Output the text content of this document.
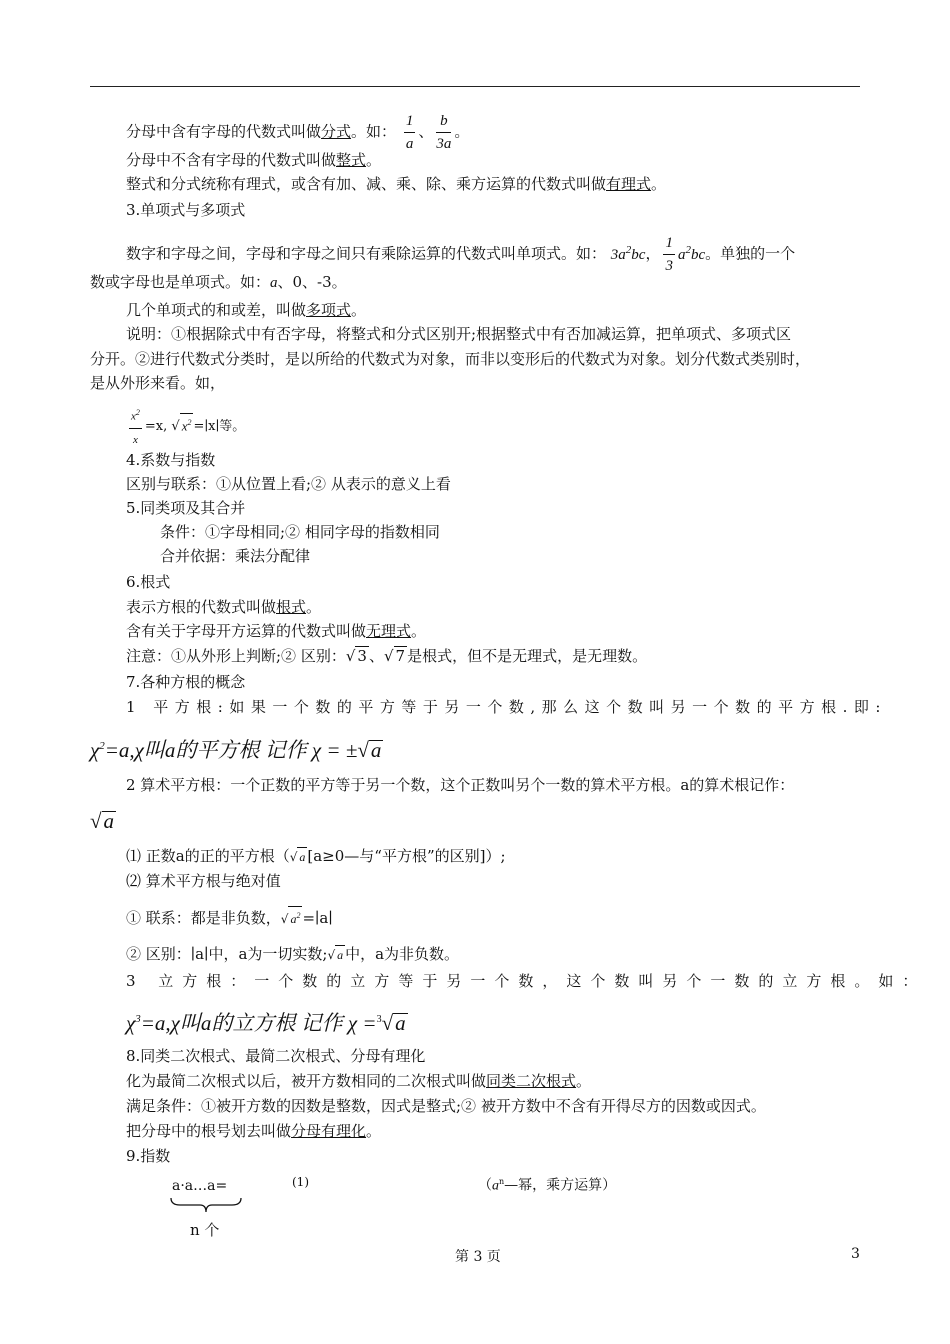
分母中含有字母的代数式叫做分式。如： $\frac{1}{a}$ 、 $\frac{b}{3a}$ 。
分母中不含有字母的代数式叫做整式。
整式和分式统称有理式，或含有加、减、乘、除、乘方运算的代数式叫做有理式。
3.单项式与多项式
数字和字母之间，字母和字母之间只有乘除运算的代数式叫单项式。如： $3a^2bc$， $\frac{1}{3} a^2bc$。单独的一个
数或字母也是单项式。如：a、0、-3。
几个单项式的和或差，叫做多项式。
说明：①根据除式中有否字母，将整式和分式区别开;根据整式中有否加减运算，把单项式、多项式区
分开。②进行代数式分类时，是以所给的代数式为对象，而非以变形后的代数式为对象。划分代数式类别时，
是从外形来看。如，
$\frac{x^2}{x} =x$, √ $x^2$ =∣x∣等。
4.系数与指数
区别与联系：①从位置上看;② 从表示的意义上看
5.同类项及其合并
条件：①字母相同;② 相同字母的指数相同
合并依据：乘法分配律
6.根式
表示方根的代数式叫做根式。
含有关于字母开方运算的代数式叫做无理式。
注意：①从外形上判断;② 区别：√ 3 、√ 7 是根式，但不是无理式，是无理数。
7.各种方根的概念
1 平方根:如果一个数的平方等于另一个数,那么这个数叫另一个数的平方根.即:
$\chi^2=a,\chi$叫a的平方根 记作 χ = ±√a
2 算术平方根：一个正数的平方等于另一个数，这个正数叫另个一数的算术平方根。a的算术根记作：
√a
⑴ 正数a的正的平方根（√ a [a≥0—与“平方根”的区别]）;
⑵ 算术平方根与绝对值
① 联系：都是非负数，√ $a^2$ =∣a∣
② 区别：∣a∣中，a为一切实数;√ a 中，a为非负数。
3 立方根：一个数的立方等于另一个数，这个数叫另个一数的立方根。如：
$\chi^3=a,\chi$叫a的立方根 记作 χ =$^3$√a
8.同类二次根式、最简二次根式、分母有理化
化为最简二次根式以后，被开方数相同的二次根式叫做同类二次根式。
满足条件：①被开方数的因数是整数，因式是整式;② 被开方数中不含有开得尽方的因数或因式。
把分母中的根号划去叫做分母有理化。
9.指数
a·a…a=	(1)	（$a^n—$幂，乘方运算）
n 个
第 3 页	3
